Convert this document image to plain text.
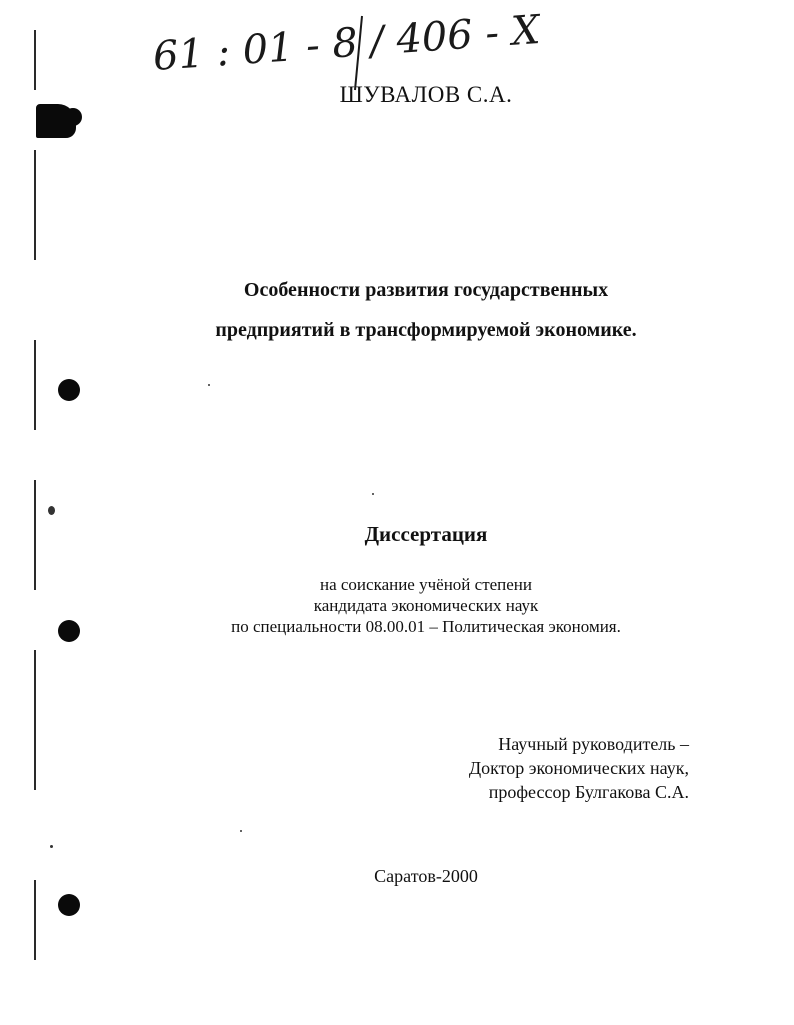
61 : 01 - 8 / 406 - X
ШУВАЛОВ С.А.
Особенности развития государственных
предприятий в трансформируемой экономике.
Диссертация
на соискание учёной степени
кандидата экономических наук
по специальности 08.00.01 – Политическая экономия.
Научный руководитель –
Доктор экономических наук,
профессор Булгакова С.А.
Саратов-2000
